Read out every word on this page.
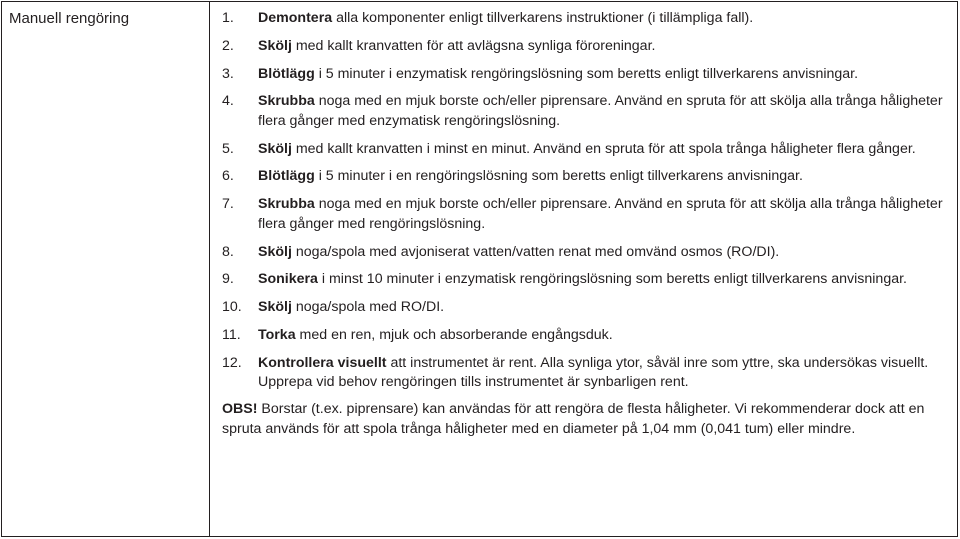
Manuell rengöring	1.	Demontera alla komponenter enligt tillverkarens instruktioner (i tillämpliga fall).
2.	Skölj med kallt kranvatten för att avlägsna synliga föroreningar.
3.	Blötlägg i 5 minuter i enzymatisk rengöringslösning som beretts enligt tillverkarens anvisningar.
4.	Skrubba noga med en mjuk borste och/eller piprensare. Använd en spruta för att skölja alla trånga håligheter flera gånger med enzymatisk rengöringslösning.
5.	Skölj med kallt kranvatten i minst en minut. Använd en spruta för att spola trånga håligheter flera gånger.
6.	Blötlägg i 5 minuter i en rengöringslösning som beretts enligt tillverkarens anvisningar.
7.	Skrubba noga med en mjuk borste och/eller piprensare. Använd en spruta för att skölja alla trånga håligheter flera gånger med rengöringslösning.
8.	Skölj noga/spola med avjoniserat vatten/vatten renat med omvänd osmos (RO/DI).
9.	Sonikera i minst 10 minuter i enzymatisk rengöringslösning som beretts enligt tillverkarens anvisningar.
10.	Skölj noga/spola med RO/DI.
11.	Torka med en ren, mjuk och absorberande engångsduk.
12.	Kontrollera visuellt att instrumentet är rent. Alla synliga ytor, såväl inre som yttre, ska undersökas visuellt. Upprepa vid behov rengöringen tills instrumentet är synbarligen rent.
OBS! Borstar (t.ex. piprensare) kan användas för att rengöra de flesta håligheter. Vi rekommenderar dock att en spruta används för att spola trånga håligheter med en diameter på 1,04 mm (0,041 tum) eller mindre.
